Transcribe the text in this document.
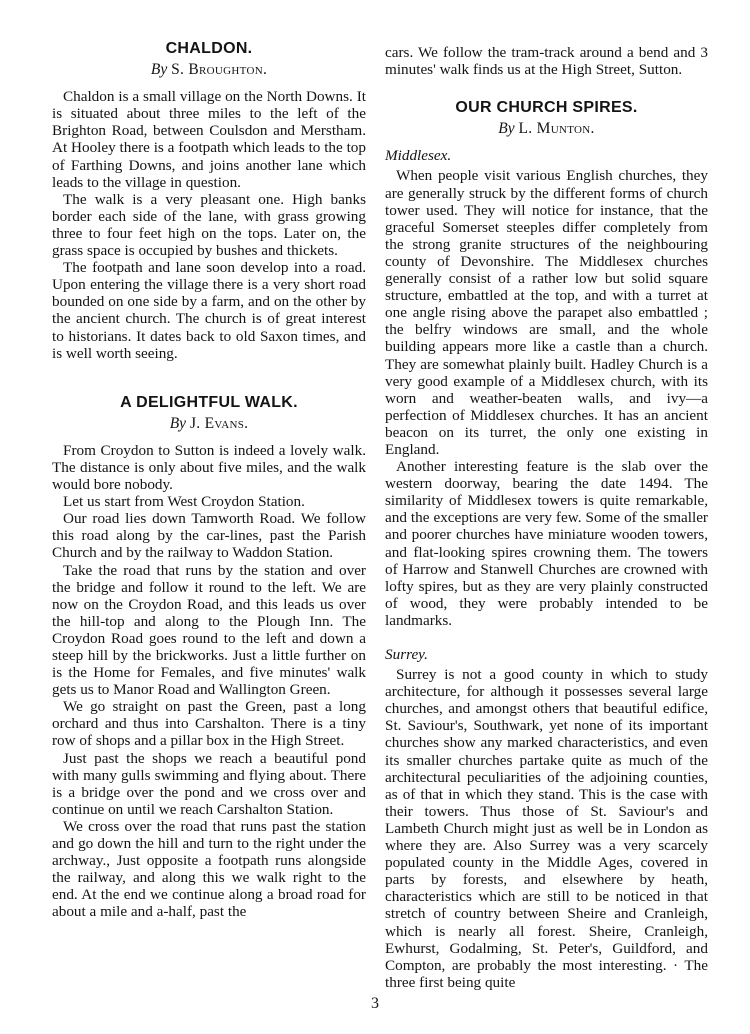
CHALDON.

By S. Broughton.

Chaldon is a small village on the North Downs. It is situated about three miles to the left of the Brighton Road, between Coulsdon and Merstham. At Hooley there is a footpath which leads to the top of Farthing Downs, and joins another lane which leads to the village in question.

The walk is a very pleasant one. High banks border each side of the lane, with grass growing three to four feet high on the tops. Later on, the grass space is occupied by bushes and thickets.

The footpath and lane soon develop into a road. Upon entering the village there is a very short road bounded on one side by a farm, and on the other by the ancient church. The church is of great interest to historians. It dates back to old Saxon times, and is well worth seeing.

A DELIGHTFUL WALK.

By J. Evans.

From Croydon to Sutton is indeed a lovely walk. The distance is only about five miles, and the walk would bore nobody.

Let us start from West Croydon Station.

Our road lies down Tamworth Road. We follow this road along by the car-lines, past the Parish Church and by the railway to Waddon Station.

Take the road that runs by the station and over the bridge and follow it round to the left. We are now on the Croydon Road, and this leads us over the hill-top and along to the Plough Inn. The Croydon Road goes round to the left and down a steep hill by the brickworks. Just a little further on is the Home for Females, and five minutes' walk gets us to Manor Road and Wallington Green.

We go straight on past the Green, past a long orchard and thus into Carshalton. There is a tiny row of shops and a pillar box in the High Street.

Just past the shops we reach a beautiful pond with many gulls swimming and flying about. There is a bridge over the pond and we cross over and continue on until we reach Carshalton Station.

We cross over the road that runs past the station and go down the hill and turn to the right under the archway., Just opposite a footpath runs alongside the railway, and along this we walk right to the end. At the end we continue along a broad road for about a mile and a-half, past the

cars. We follow the tram-track around a bend and 3 minutes' walk finds us at the High Street, Sutton.

OUR CHURCH SPIRES.

By L. Munton.

Middlesex.

When people visit various English churches, they are generally struck by the different forms of church tower used. They will notice for instance, that the graceful Somerset steeples differ completely from the strong granite structures of the neighbouring county of Devonshire. The Middlesex churches generally consist of a rather low but solid square structure, embattled at the top, and with a turret at one angle rising above the parapet also embattled ; the belfry windows are small, and the whole building appears more like a castle than a church. They are somewhat plainly built. Hadley Church is a very good example of a Middlesex church, with its worn and weather-beaten walls, and ivy—a perfection of Middlesex churches. It has an ancient beacon on its turret, the only one existing in England.

Another interesting feature is the slab over the western doorway, bearing the date 1494. The similarity of Middlesex towers is quite remarkable, and the exceptions are very few. Some of the smaller and poorer churches have miniature wooden towers, and flat-looking spires crowning them. The towers of Harrow and Stanwell Churches are crowned with lofty spires, but as they are very plainly constructed of wood, they were probably intended to be landmarks.

Surrey.

Surrey is not a good county in which to study architecture, for although it possesses several large churches, and amongst others that beautiful edifice, St. Saviour's, Southwark, yet none of its important churches show any marked characteristics, and even its smaller churches partake quite as much of the architectural peculiarities of the adjoining counties, as of that in which they stand. This is the case with their towers. Thus those of St. Saviour's and Lambeth Church might just as well be in London as where they are. Also Surrey was a very scarcely populated county in the Middle Ages, covered in parts by forests, and elsewhere by heath, characteristics which are still to be noticed in that stretch of country between Sheire and Cranleigh, which is nearly all forest. Sheire, Cranleigh, Ewhurst, Godalming, St. Peter's, Guildford, and Compton, are probably the most interesting. · The three first being quite

3
